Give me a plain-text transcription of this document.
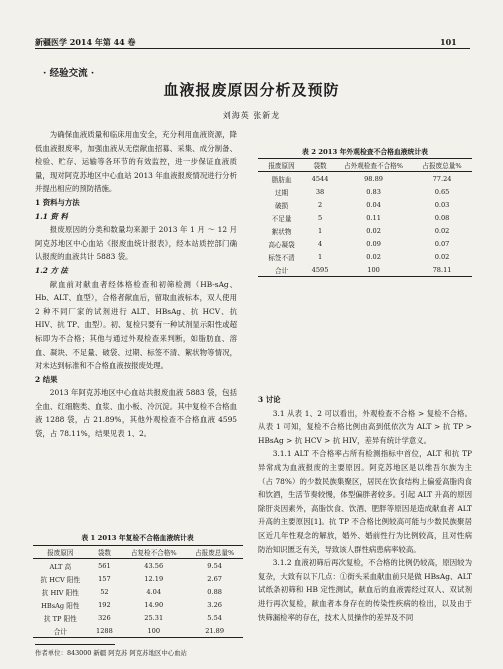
新疆医学 2014 年第 44 卷	101
· 经验交流 ·
血液报废原因分析及预防
刘海英 张新龙

为确保血液质量和临床用血安全，充分利用血液资源，降低血液报废率，加强血液从无偿献血招募、采集、成分制备、检验、贮存、运输等各环节的有效监控，进一步保证血液质量，现对阿克苏地区中心血站 2013 年血液报废情况进行分析并提出相应的预防措施。

1 资料与方法

1.1 资 料

报废原因的分类和数量均来源于 2013 年 1 月 ～ 12 月阿克苏地区中心血站《报废血统计报表》，经本站质控部门确认报废的血液共计 5883 袋。

1.2 方 法

献血前对献血者经体格检查和初筛检测（HB-sAg、Hb、ALT、血型），合格者献血后，留取血液标本，双人使用 2 种不同厂家的试剂进行 ALT、HBsAg、抗 HCV、抗 HIV、抗 TP、血型）。初、复检只要有一种试剂显示阳性或超标即为不合格；其他与通过外观检查来判断，如脂肪血、溶血、凝块、不足量、破袋、过期、标签不清、絮状物等情况，对未达到标准和不合格血液按报废处理。

2 结果

2013 年阿克苏地区中心血站共报废血液 5883 袋，包括全血、红细胞类、血浆、血小板、冷沉淀。其中复检不合格血液 1288 袋，占 21.89%，其他外观检查不合格血液 4595 袋，占 78.11%，结果见表 1、2。

表 1 2013 年复检不合格血液统计表
报废原因	袋数	占复检不合格%	占报废总量%
ALT 高	561	43.56	9.54
抗 HCV 阳性	157	12.19	2.67
抗 HIV 阳性	52	4.04	0.88
HBsAg 阳性	192	14.90	3.26
抗 TP 阳性	326	25.31	5.54
合计	1288	100	21.89
表 2 2013 年外观检查不合格血液统计表
报废原因	袋数	占外观检查不合格%	占报废总量%
脂肪血	4544	98.89	77.24
过期	38	0.83	0.65
破损	2	0.04	0.03
不足量	5	0.11	0.08
絮状物	1	0.02	0.02
高心凝袋	4	0.09	0.07
标签不清	1	0.02	0.02
合计	4595	100	78.11

3 讨论

3.1 从表 1、2 可以看出，外观检查不合格 > 复检不合格。从表 1 可知，复检不合格比例由高到低依次为 ALT > 抗 TP > HBsAg > 抗 HCV > 抗 HIV，差异有统计学意义。

3.1.1 ALT 不合格率占所有检测指标中首位，ALT 和抗 TP 异常成为血液报废的主要原因。阿克苏地区是以维吾尔族为主（占 78%）的少数民族集聚区，居民在饮食结构上偏爱高脂肉食和饮酒，生活节奏较慢，体型偏胖者较多。引起 ALT 升高的原因除肝炎因素外，高脂饮食、饮酒、肥胖等原因是造成献血者 ALT 升高的主要原因[1]。抗 TP 不合格比例较高可能与少数民族聚居区近几年性观念的解放，婚外、婚前性行为比例较高，且对性病防治知识匮乏有关，导致该人群性病患病率较高。

3.1.2 血液初筛后再次复检，不合格的比例仍较高，原因较为复杂，大致有以下几点：①街头采血献血前只是做 HBsAg、ALT 试纸条初筛和 HB 定性测试，献血后的血液需经过双人、双试剂进行再次复检，献血者本身存在的传染性疾病的检出，以及由于快筛漏检率的存在，技术人员操作的差异及不同

作者单位：843000 新疆 阿克苏 阿克苏地区中心血站
